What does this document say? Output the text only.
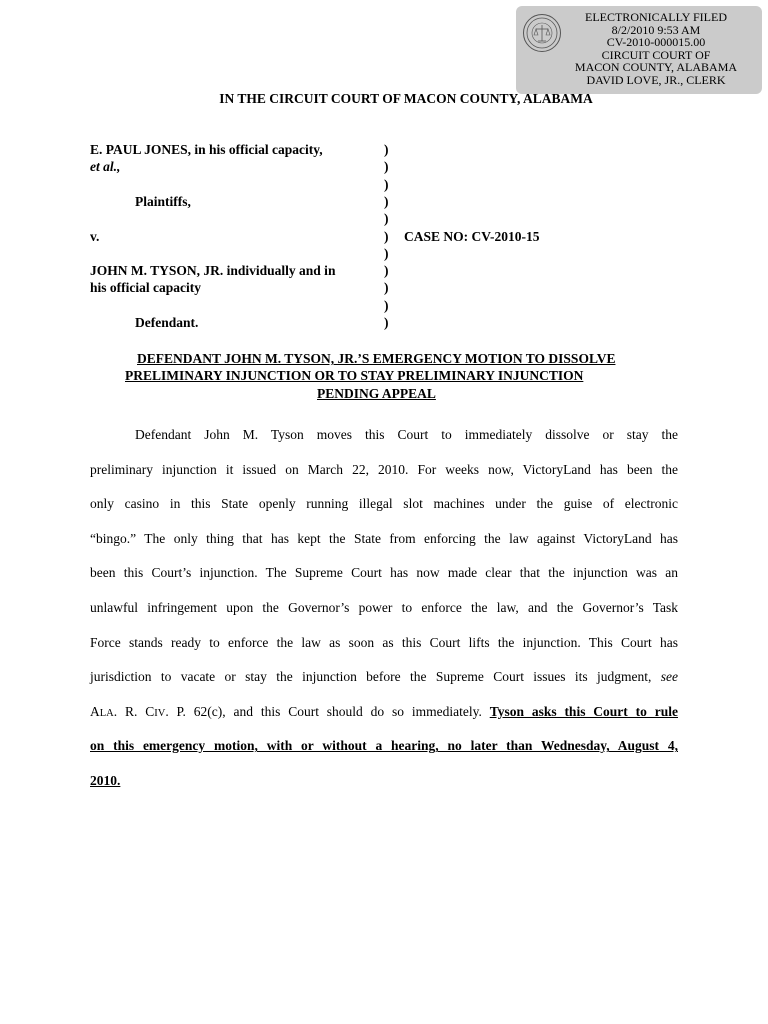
ELECTRONICALLY FILED
8/2/2010 9:53 AM
CV-2010-000015.00
CIRCUIT COURT OF
MACON COUNTY, ALABAMA
DAVID LOVE, JR., CLERK
IN THE CIRCUIT COURT OF MACON COUNTY, ALABAMA
E. PAUL JONES, in his official capacity,
et al.,
Plaintiffs,
v.
JOHN M. TYSON, JR. individually and in
his official capacity
Defendant.
)
)
)
)
)
)
)
)
)
)
)
CASE NO: CV-2010-15
DEFENDANT JOHN M. TYSON, JR.’S EMERGENCY MOTION TO DISSOLVE
PRELIMINARY INJUNCTION OR TO STAY PRELIMINARY INJUNCTION
PENDING APPEAL
Defendant John M. Tyson moves this Court to immediately dissolve or stay the
preliminary injunction it issued on March 22, 2010. For weeks now, VictoryLand has been the
only casino in this State openly running illegal slot machines under the guise of electronic
“bingo.” The only thing that has kept the State from enforcing the law against VictoryLand has
been this Court’s injunction. The Supreme Court has now made clear that the injunction was an
unlawful infringement upon the Governor’s power to enforce the law, and the Governor’s Task
Force stands ready to enforce the law as soon as this Court lifts the injunction. This Court has
jurisdiction to vacate or stay the injunction before the Supreme Court issues its judgment, see
ALA. R. CIV. P. 62(c), and this Court should do so immediately. Tyson asks this Court to rule
on this emergency motion, with or without a hearing, no later than Wednesday, August 4,
2010.
